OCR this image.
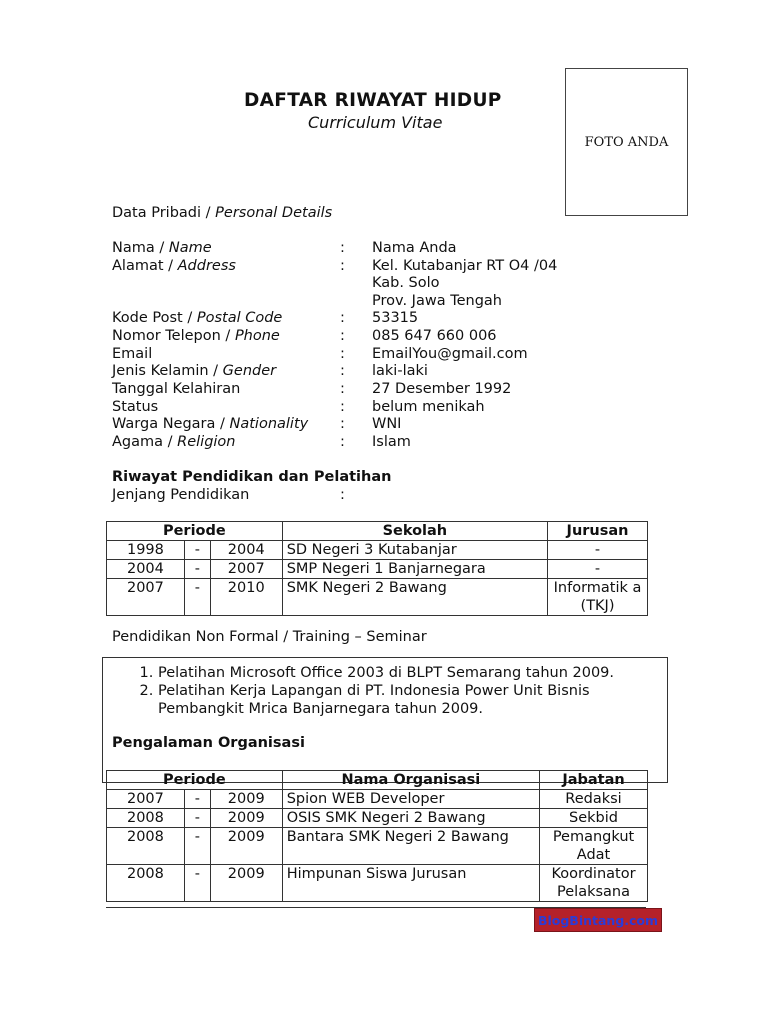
FOTO ANDA
DAFTAR RIWAYAT HIDUP
Curriculum Vitae
Data Pribadi / Personal Details
Nama / Name	: Nama Anda
Alamat / Address	: Kel. Kutabanjar RT O4 /04
Kab. Solo
Prov. Jawa Tengah
Kode Post / Postal Code	: 53315
Nomor Telepon / Phone	: 085 647 660 006
Email	: EmailYou@gmail.com
Jenis Kelamin / Gender	: laki-laki
Tanggal Kelahiran	: 27 Desember 1992
Status	: belum menikah
Warga Negara / Nationality : WNI
Agama / Religion	: Islam
Riwayat Pendidikan dan Pelatihan
Jenjang Pendidikan	:
Periode			Sekolah	Jurusan
1998	-	2004	SD Negeri 3 Kutabanjar	-
2004	-	2007	SMP Negeri 1 Banjarnegara	-
2007	-	2010	SMK Negeri 2 Bawang	Informatik a (TKJ)
Pendidikan Non Formal / Training – Seminar
1. Pelatihan Microsoft Office 2003 di BLPT Semarang tahun 2009.
2. Pelatihan Kerja Lapangan di PT. Indonesia Power Unit Bisnis Pembangkit Mrica Banjarnegara tahun 2009.
Pengalaman Organisasi
Periode			Nama Organisasi	Jabatan
2007	-	2009	Spion WEB Developer	Redaksi
2008	-	2009	OSIS SMK Negeri 2 Bawang	Sekbid
2008	-	2009	Bantara SMK Negeri 2 Bawang	Pemangkut Adat
2008	-	2009	Himpunan Siswa Jurusan	Koordinator Pelaksana
BlogBintang.com
